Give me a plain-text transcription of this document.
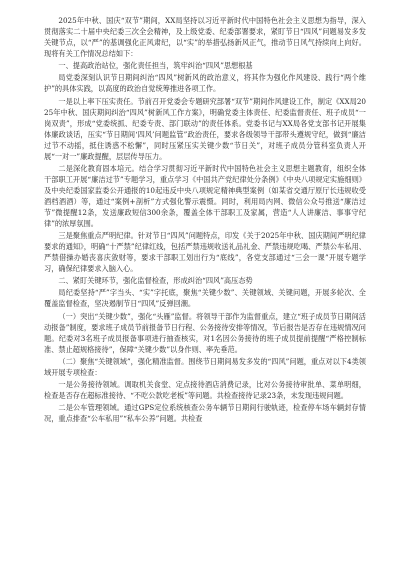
2025年中秋、国庆“双节”期间，XX局坚持以习近平新时代中国特色社会主义思想为指导，深入贯彻落实二十届中央纪委三次全会精神，及上级党委、纪委部署要求，紧盯节日“四风”问题易发多发关键节点，以“严”的基调强化正风肃纪，以“实”的举措弘扬新风正气，推动节日风气持续向上向好。现将有关工作情况总结如下：

一、提高政治站位，强化责任担当，筑牢纠治“四风”思想根基

局党委深刻认识节日期间纠治“四风”树新风的政治意义，将其作为强化作风建设、践行“两个维护”的具体实践，以高度的政治自觉统筹推进各项工作。

一是以上率下压实责任。节前召开党委会专题研究部署“双节”期间作风建设工作，制定《XX局2025年中秋、国庆期间纠治“四风”树新风工作方案》，明确党委主体责任、纪委监督责任、班子成员“一岗双责”，形成“党委统抓、纪委专责、部门联动”的责任体系。党委书记与XX局各党支部书记开展集体廉政谈话，压实“节日期间‘四风’问题监管”政治责任，要求各级领导干部带头遵规守纪，做到“廉洁过节不动摇，抵住诱惑不松懈”，同时压紧压实关键少数“节日关”，对班子成员分管科室负责人开展“一对一”廉政提醒，层层传导压力。

二是深化教育固本培元。结合学习贯彻习近平新时代中国特色社会主义思想主题教育，组织全体干部职工开展“廉洁过节”专题学习，重点学习《中国共产党纪律处分条例》《中央八项规定实施细则》及中央纪委国家监委公开通报的10起违反中央八项规定精神典型案例（如某省交通厅原厅长违规收受酒档酒酒）等，通过“案例+剖析”方式强化警示震慑。同时，利用局内网、微信公众号推送“廉洁过节”微提醒12条，发送廉政短信300余条，覆盖全体干部职工及家属，营造“人人讲廉洁、事事守纪律”的浓厚氛围。

三是聚焦重点严明纪律。针对节日“四风”问题特点，印发《关于2025年中秋、国庆期间严明纪律要求的通知》，明确“十严禁”纪律红线，包括严禁违规收送礼品礼金、严禁违规吃喝、严禁公车私用、严禁借操办婚丧喜庆敛财等，要求干部职工划出行为“底线”，各党支部通过“三会一课”开展专题学习，确保纪律要求入脑入心。

二、紧盯关键环节，强化监督检查，形成纠治“四风”高压态势

局纪委坚持“严”字当头、“实”字托底，聚焦“关键少数”、关键领域、关键问题，开展多轮次、全覆盖监督检查，坚决遏制节日“四风”反弹回潮。

（一）突出“关键少数”，强化“头雁”监督。将领导干部作为监督重点，建立“班子成员节日期间活动报备”制度，要求班子成员节前报备节日行程、公务接待安排等情况，节后报告是否存在违规情况问题。纪委对3名班子成员报备事项进行抽查核实，对1名因公务接待的班子成员提前提醒“严格控制标准、禁止超规格接待”，保障“关键少数”以身作则、率先垂范。

（二）聚焦“关键领域”，强化精准监督。围绕节日期间易发多发的“四风”问题，重点对以下4类领域开展专项检查：

一是公务接待领域。调取机关食堂、定点接待酒店消费记录，比对公务接待审批单、菜单明细，检查是否存在超标准接待、“不吃公款吃老板”等问题。共检查接待记录23条，未发现违规问题。

二是公车管理领域。通过GPS定位系统核查公务车辆节日期间行驶轨迹，检查停车场车辆封存情况，重点排查“公车私用”“私车公养”问题。共检查
